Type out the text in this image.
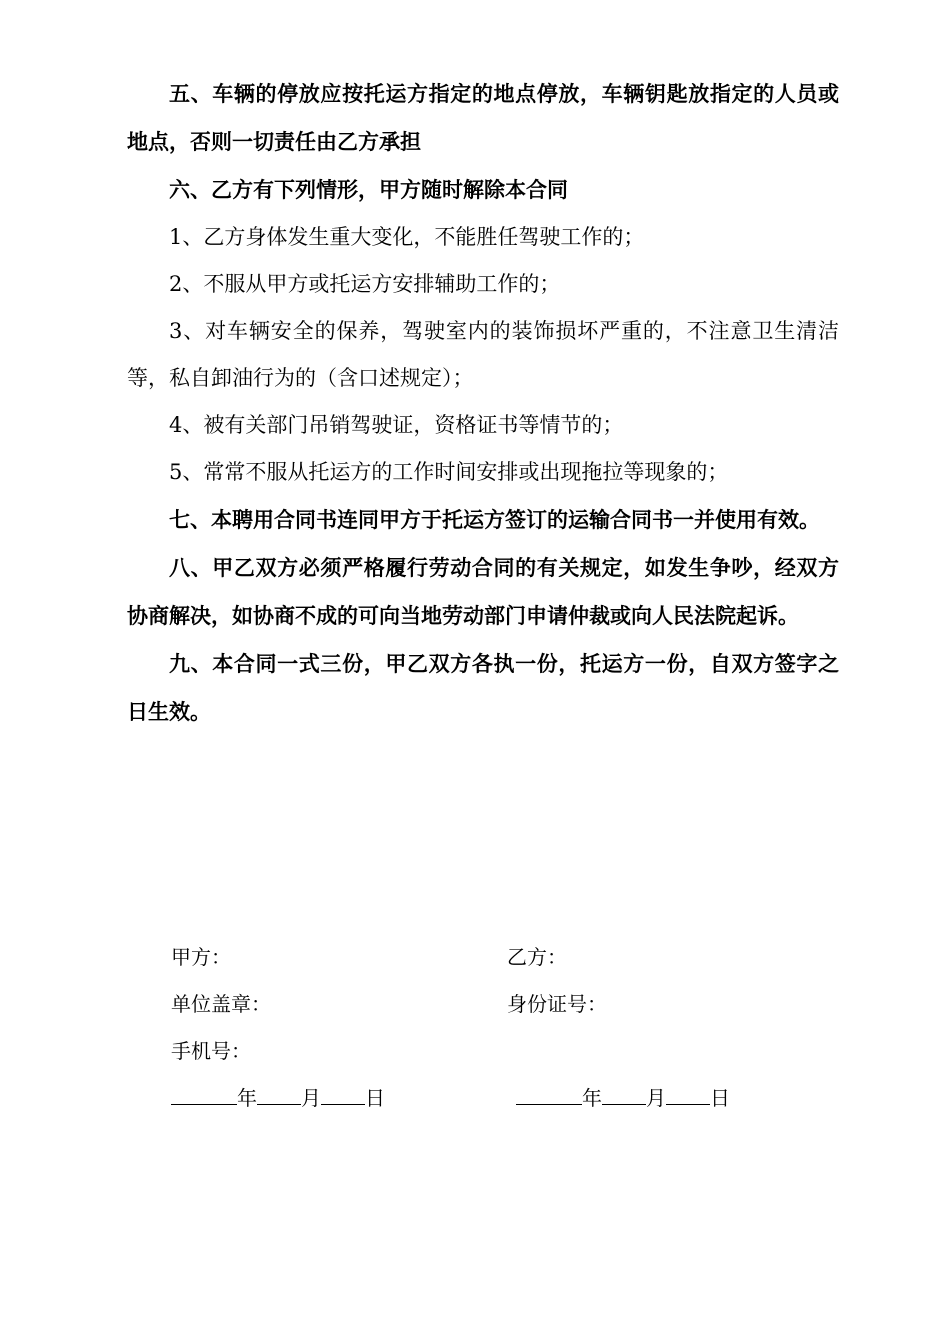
五、车辆的停放应按托运方指定的地点停放，车辆钥匙放指定的人员或地点，否则一切责任由乙方承担

六、乙方有下列情形，甲方随时解除本合同

1、乙方身体发生重大变化，不能胜任驾驶工作的；

2、不服从甲方或托运方安排辅助工作的；

3、对车辆安全的保养，驾驶室内的装饰损坏严重的，不注意卫生清洁等，私自卸油行为的（含口述规定）；

4、被有关部门吊销驾驶证，资格证书等情节的；

5、常常不服从托运方的工作时间安排或出现拖拉等现象的；

七、本聘用合同书连同甲方于托运方签订的运输合同书一并使用有效。

八、甲乙双方必须严格履行劳动合同的有关规定，如发生争吵，经双方协商解决，如协商不成的可向当地劳动部门申请仲裁或向人民法院起诉。

九、本合同一式三份，甲乙双方各执一份，托运方一份，自双方签字之日生效。

甲方：
单位盖章：
手机号：
年 月 日
乙方：
身份证号：
年 月 日
